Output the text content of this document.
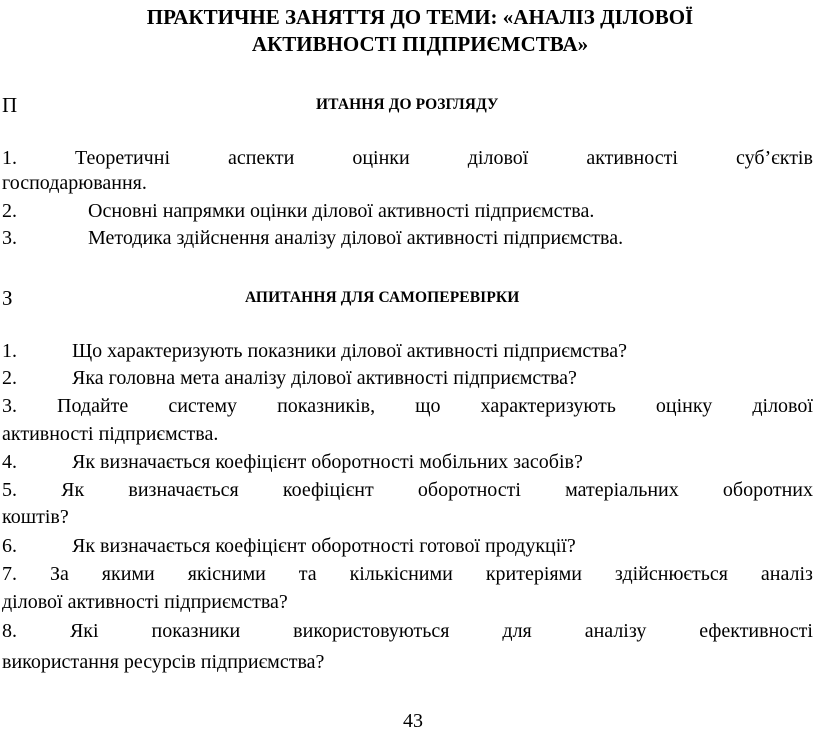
ПРАКТИЧНЕ ЗАНЯТТЯ ДО ТЕМИ: «АНАЛІЗ ДІЛОВОЇ
АКТИВНОСТІ ПІДПРИЄМСТВА»
П	ИТАННЯ ДО РОЗГЛЯДУ
1.	Теоретичні	аспекти	оцінки	ділової	активності	суб’єктів
господарювання.
2.	Основні напрямки оцінки ділової активності підприємства.
3.	Методика здійснення аналізу ділової активності підприємства.
З	АПИТАННЯ ДЛЯ САМОПЕРЕВІРКИ
1.	Що характеризують показники ділової активності підприємства?
2.	Яка головна мета аналізу ділової активності підприємства?
3. Подайте систему показників, що характеризують оцінку ділової
активності підприємства.
4.	Як визначається коефіцієнт оборотності мобільних засобів?
5. Як визначається коефіцієнт оборотності матеріальних оборотних
коштів?
6.	Як визначається коефіцієнт оборотності готової продукції?
7. За якими якісними та кількісними критеріями здійснюється аналіз
ділової активності підприємства?
8.	Які	показники	використовуються	для	аналізу	ефективності
використання ресурсів підприємства?
43
